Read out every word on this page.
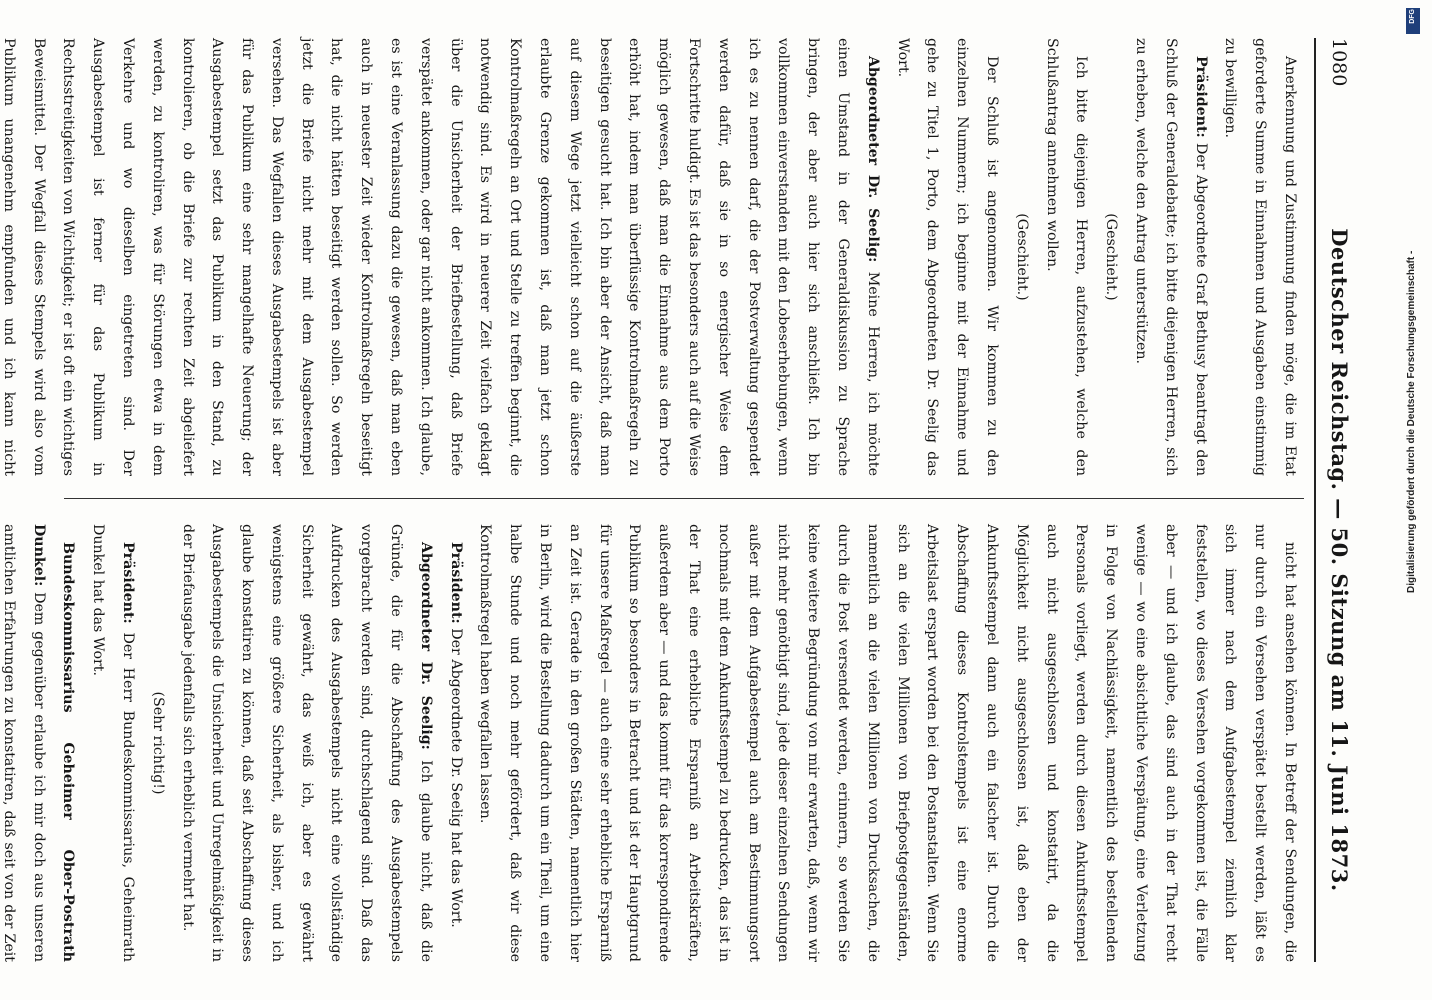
1080
Deutscher Reichstag. — 50. Sitzung am 11. Juni 1873.

Anerkennung und Zustimmung finden möge, die im Etat geforderte Summe in Einnahmen und Ausgaben einstimmig zu bewilligen.

Präsident: Der Abgeordnete Graf Bethusy beantragt den Schluß der Generaldebatte; ich bitte diejenigen Herren, sich zu erheben, welche den Antrag unterstützen.

(Geschieht.)

Ich bitte diejenigen Herren, aufzustehen, welche den Schlußantrag annehmen wollen.

(Geschieht.)

Der Schluß ist angenommen. Wir kommen zu den einzelnen Nummern; ich beginne mit der Einnahme und gehe zu Titel 1, Porto, dem Abgeordneten Dr. Seelig das Wort.

Abgeordneter Dr. Seelig: Meine Herren, ich möchte einen Umstand in der Generaldiskussion zu Sprache bringen, der aber auch hier sich anschließt. Ich bin vollkommen einverstanden mit den Lobeserhebungen, wenn ich es zu nennen darf, die der Postverwaltung gespendet werden dafür, daß sie in so energischer Weise dem Fortschritte huldigt. Es ist das besonders auch auf die Weise möglich gewesen, daß man die Einnahme aus dem Porto erhöht hat, indem man überflüssige Kontrolmaßregeln zu beseitigen gesucht hat. Ich bin aber der Ansicht, daß man auf diesem Wege jetzt vielleicht schon auf die äußerste erlaubte Grenze gekommen ist, daß man jetzt schon Kontrolmaßregeln an Ort und Stelle zu treffen beginnt, die notwendig sind. Es wird in neuerer Zeit vielfach geklagt über die Unsicherheit der Briefbestellung, daß Briefe verspätet ankommen, oder gar nicht ankommen. Ich glaube, es ist eine Veranlassung dazu die gewesen, daß man eben auch in neuester Zeit wieder Kontrolmaßregeln beseitigt hat, die nicht hätten beseitigt werden sollen. So werden jetzt die Briefe nicht mehr mit dem Ausgabestempel versehen. Das Wegfallen dieses Ausgabestempels ist aber für das Publikum eine sehr mangelhafte Neuerung; der Ausgabestempel setzt das Publikum in den Stand, zu kontrolieren, ob die Briefe zur rechten Zeit abgeliefert werden, zu kontroliren, was für Störungen etwa in dem Verkehre und wo dieselben eingetreten sind. Der Ausgabestempel ist ferner für das Publikum in Rechtsstreitigkeiten von Wichtigkeit; er ist oft ein wichtiges Beweismittel. Der Wegfall dieses Stempels wird also vom Publikum unangenehm empfunden und ich kann nicht

nicht hat ansehen können. In Betreff der Sendungen, die nur durch ein Versehen verspätet bestellt werden, läßt es sich immer nach dem Aufgabestempel ziemlich klar feststellen, wo dieses Versehen vorgekommen ist, die Fälle aber — und ich glaube, das sind auch in der That recht wenige — wo eine absichtliche Verspätung, eine Verletzung in Folge von Nachlässigkeit, namentlich des bestellenden Personals vorliegt, werden durch diesen Ankunftsstempel auch nicht ausgeschlossen und konstatirt, da die Möglichkeit nicht ausgeschlossen ist, daß eben der Ankunftsstempel dann auch ein falscher ist. Durch die Abschaffung dieses Kontrolstempels ist eine enorme Arbeitslast erspart worden bei den Postanstalten. Wenn Sie sich an die vielen Millionen von Briefpostgegenständen, namentlich an die vielen Millionen von Drucksachen, die durch die Post versendet werden, erinnern, so werden Sie keine weitere Begründung von mir erwarten, daß, wenn wir nicht mehr genöthigt sind, jede dieser einzelnen Sendungen außer mit dem Aufgabestempel auch am Bestimmungsort nochmals mit dem Ankunftsstempel zu bedrucken, das ist in der That eine erhebliche Ersparniß an Arbeitskräften, außerdem aber — und das kommt für das korrespondirende Publikum so besonders in Betracht und ist der Hauptgrund für unsere Maßregel — auch eine sehr erhebliche Ersparniß an Zeit ist. Gerade in den großen Städten, namentlich hier in Berlin, wird die Bestellung dadurch um ein Theil, um eine halbe Stunde und noch mehr gefördert, daß wir diese Kontrolmaßregel haben wegfallen lassen.

Präsident: Der Abgeordnete Dr. Seelig hat das Wort.

Abgeordneter Dr. Seelig: Ich glaube nicht, daß die Gründe, die für die Abschaffung des Ausgabestempels vorgebracht werden sind, durchschlagend sind. Daß das Aufdrucken des Ausgabestempels nicht eine vollständige Sicherheit gewährt, das weiß ich, aber es gewährt wenigstens eine größere Sicherheit, als bisher, und ich glaube konstatiren zu können, daß seit Abschaffung dieses Ausgabestempels die Unsicherheit und Unregelmäßigkeit in der Briefausgabe jedenfalls sich erheblich vermehrt hat.

(Sehr richtig!)

Präsident: Der Herr Bundeskommissarius, Geheimrath Dunkel hat das Wort.

Bundeskommissarius Geheimer Ober-Postrath Dunkel: Dem gegenüber erlaube ich mir doch aus unseren amtlichen Erfahrungen zu konstatiren, daß seit von der Zeit

Digitalisierung gefördert durch die Deutsche Forschungsgemeinschaft -
DFG
